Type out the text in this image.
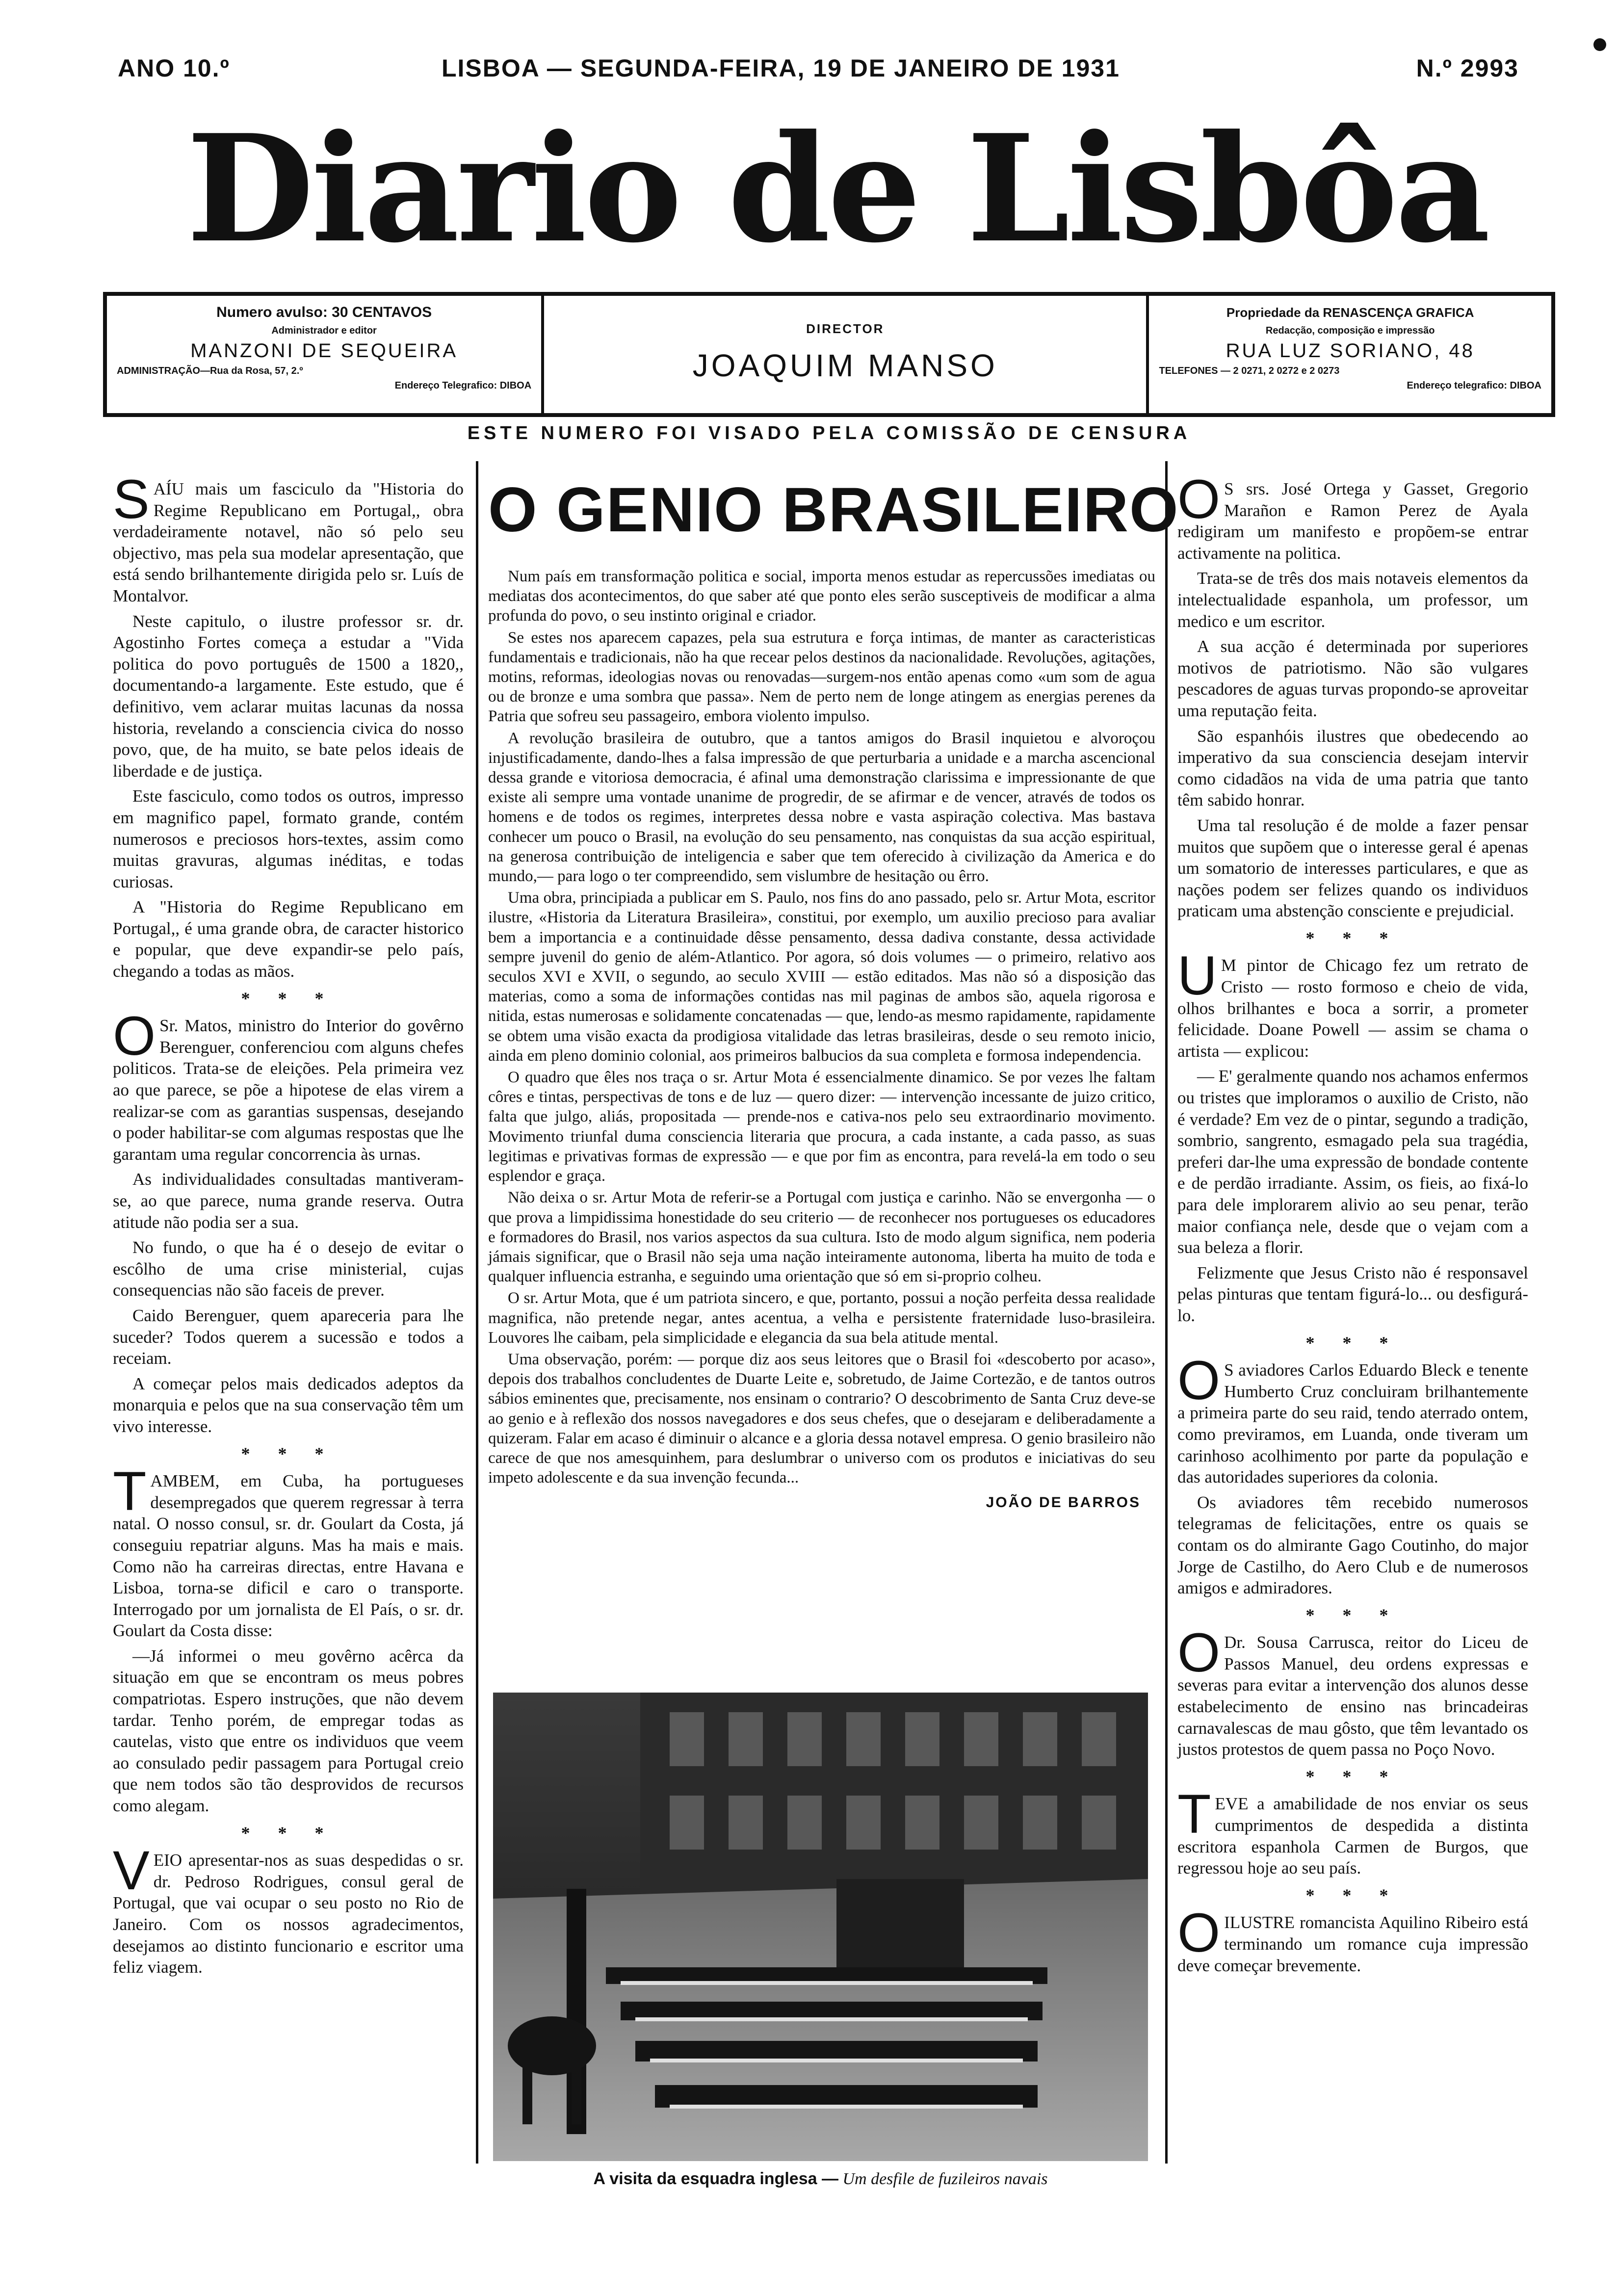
ANO 10.º	LISBOA — SEGUNDA-FEIRA, 19 DE JANEIRO DE 1931	N.º 2993
Diario de Lisbôa
Numero avulso: 30 CENTAVOS
Administrador e editor
MANZONI DE SEQUEIRA
ADMINISTRAÇÃO—Rua da Rosa, 57, 2.º
Endereço Telegrafico: DIBOA
DIRECTOR
JOAQUIM MANSO
Propriedade da RENASCENÇA GRAFICA
Redacção, composição e impressão
RUA LUZ SORIANO, 48
TELEFONES — 2 0271, 2 0272 e 2 0273
Endereço telegrafico: DIBOA
ESTE NUMERO FOI VISADO PELA COMISSÃO DE CENSURA

SAÍU mais um fasciculo da "Historia do Regime Republicano em Portugal,, obra verdadeiramente notavel, não só pelo seu objectivo, mas pela sua modelar apresentação, que está sendo brilhantemente dirigida pelo sr. Luís de Montalvor.

Neste capitulo, o ilustre professor sr. dr. Agostinho Fortes começa a estudar a "Vida politica do povo português de 1500 a 1820,, documentando-a largamente. Este estudo, que é definitivo, vem aclarar muitas lacunas da nossa historia, revelando a consciencia civica do nosso povo, que, de ha muito, se bate pelos ideais de liberdade e de justiça.

Este fasciculo, como todos os outros, impresso em magnifico papel, formato grande, contém numerosos e preciosos hors-textes, assim como muitas gravuras, algumas inéditas, e todas curiosas.

A "Historia do Regime Republicano em Portugal,, é uma grande obra, de caracter historico e popular, que deve expandir-se pelo país, chegando a todas as mãos.

* * *

OSr. Matos, ministro do Interior do govêrno Berenguer, conferenciou com alguns chefes politicos. Trata-se de eleições. Pela primeira vez ao que parece, se põe a hipotese de elas virem a realizar-se com as garantias suspensas, desejando o poder habilitar-se com algumas respostas que lhe garantam uma regular concorrencia às urnas.

As individualidades consultadas mantiveram-se, ao que parece, numa grande reserva. Outra atitude não podia ser a sua.

No fundo, o que ha é o desejo de evitar o escôlho de uma crise ministerial, cujas consequencias não são faceis de prever.

Caido Berenguer, quem apareceria para lhe suceder? Todos querem a sucessão e todos a receiam.

A começar pelos mais dedicados adeptos da monarquia e pelos que na sua conservação têm um vivo interesse.

* * *

TAMBEM, em Cuba, ha portugueses desempregados que querem regressar à terra natal. O nosso consul, sr. dr. Goulart da Costa, já conseguiu repatriar alguns. Mas ha mais e mais. Como não ha carreiras directas, entre Havana e Lisboa, torna-se dificil e caro o transporte. Interrogado por um jornalista de El País, o sr. dr. Goulart da Costa disse:

—Já informei o meu govêrno acêrca da situação em que se encontram os meus pobres compatriotas. Espero instruções, que não devem tardar. Tenho porém, de empregar todas as cautelas, visto que entre os individuos que veem ao consulado pedir passagem para Portugal creio que nem todos são tão desprovidos de recursos como alegam.

* * *

VEIO apresentar-nos as suas despedidas o sr. dr. Pedroso Rodrigues, consul geral de Portugal, que vai ocupar o seu posto no Rio de Janeiro. Com os nossos agradecimentos, desejamos ao distinto funcionario e escritor uma feliz viagem.

O GENIO BRASILEIRO

Num país em transformação politica e social, importa menos estudar as repercussões imediatas ou mediatas dos acontecimentos, do que saber até que ponto eles serão susceptiveis de modificar a alma profunda do povo, o seu instinto original e criador.

Se estes nos aparecem capazes, pela sua estrutura e força intimas, de manter as caracteristicas fundamentais e tradicionais, não ha que recear pelos destinos da nacionalidade. Revoluções, agitações, motins, reformas, ideologias novas ou renovadas—surgem-nos então apenas como «um som de agua ou de bronze e uma sombra que passa». Nem de perto nem de longe atingem as energias perenes da Patria que sofreu seu passageiro, embora violento impulso.

A revolução brasileira de outubro, que a tantos amigos do Brasil inquietou e alvoroçou injustificadamente, dando-lhes a falsa impressão de que perturbaria a unidade e a marcha ascencional dessa grande e vitoriosa democracia, é afinal uma demonstração clarissima e impressionante de que existe ali sempre uma vontade unanime de progredir, de se afirmar e de vencer, através de todos os homens e de todos os regimes, interpretes dessa nobre e vasta aspiração colectiva. Mas bastava conhecer um pouco o Brasil, na evolução do seu pensamento, nas conquistas da sua acção espiritual, na generosa contribuição de inteligencia e saber que tem oferecido à civilização da America e do mundo,— para logo o ter compreendido, sem vislumbre de hesitação ou êrro.

Uma obra, principiada a publicar em S. Paulo, nos fins do ano passado, pelo sr. Artur Mota, escritor ilustre, «Historia da Literatura Brasileira», constitui, por exemplo, um auxilio precioso para avaliar bem a importancia e a continuidade dêsse pensamento, dessa dadiva constante, dessa actividade sempre juvenil do genio de além-Atlantico. Por agora, só dois volumes — o primeiro, relativo aos seculos XVI e XVII, o segundo, ao seculo XVIII — estão editados. Mas não só a disposição das materias, como a soma de informações contidas nas mil paginas de ambos são, aquela rigorosa e nitida, estas numerosas e solidamente concatenadas — que, lendo-as mesmo rapidamente, rapidamente se obtem uma visão exacta da prodigiosa vitalidade das letras brasileiras, desde o seu remoto inicio, ainda em pleno dominio colonial, aos primeiros balbucios da sua completa e formosa independencia.

O quadro que êles nos traça o sr. Artur Mota é essencialmente dinamico. Se por vezes lhe faltam côres e tintas, perspectivas de tons e de luz — quero dizer: — intervenção incessante de juizo critico, falta que julgo, aliás, propositada — prende-nos e cativa-nos pelo seu extraordinario movimento. Movimento triunfal duma consciencia literaria que procura, a cada instante, a cada passo, as suas legitimas e privativas formas de expressão — e que por fim as encontra, para revelá-la em todo o seu esplendor e graça.

Não deixa o sr. Artur Mota de referir-se a Portugal com justiça e carinho. Não se envergonha — o que prova a limpidissima honestidade do seu criterio — de reconhecer nos portugueses os educadores e formadores do Brasil, nos varios aspectos da sua cultura. Isto de modo algum significa, nem poderia jámais significar, que o Brasil não seja uma nação inteiramente autonoma, liberta ha muito de toda e qualquer influencia estranha, e seguindo uma orientação que só em si-proprio colheu.

O sr. Artur Mota, que é um patriota sincero, e que, portanto, possui a noção perfeita dessa realidade magnifica, não pretende negar, antes acentua, a velha e persistente fraternidade luso-brasileira. Louvores lhe caibam, pela simplicidade e elegancia da sua bela atitude mental.

Uma observação, porém: — porque diz aos seus leitores que o Brasil foi «descoberto por acaso», depois dos trabalhos concludentes de Duarte Leite e, sobretudo, de Jaime Cortezão, e de tantos outros sábios eminentes que, precisamente, nos ensinam o contrario? O descobrimento de Santa Cruz deve-se ao genio e à reflexão dos nossos navegadores e dos seus chefes, que o desejaram e deliberadamente a quizeram. Falar em acaso é diminuir o alcance e a gloria dessa notavel empresa. O genio brasileiro não carece de que nos amesquinhem, para deslumbrar o universo com os produtos e iniciativas do seu impeto adolescente e da sua invenção fecunda...

JOÃO DE BARROS
A visita da esquadra inglesa — Um desfile de fuzileiros navais

OS srs. José Ortega y Gasset, Gregorio Marañon e Ramon Perez de Ayala redigiram um manifesto e propõem-se entrar activamente na politica.

Trata-se de três dos mais notaveis elementos da intelectualidade espanhola, um professor, um medico e um escritor.

A sua acção é determinada por superiores motivos de patriotismo. Não são vulgares pescadores de aguas turvas propondo-se aproveitar uma reputação feita.

São espanhóis ilustres que obedecendo ao imperativo da sua consciencia desejam intervir como cidadãos na vida de uma patria que tanto têm sabido honrar.

Uma tal resolução é de molde a fazer pensar muitos que supõem que o interesse geral é apenas um somatorio de interesses particulares, e que as nações podem ser felizes quando os individuos praticam uma abstenção consciente e prejudicial.

* * *

UM pintor de Chicago fez um retrato de Cristo — rosto formoso e cheio de vida, olhos brilhantes e boca a sorrir, a prometer felicidade. Doane Powell — assim se chama o artista — explicou:

— E' geralmente quando nos achamos enfermos ou tristes que imploramos o auxilio de Cristo, não é verdade? Em vez de o pintar, segundo a tradição, sombrio, sangrento, esmagado pela sua tragédia, preferi dar-lhe uma expressão de bondade contente e de perdão irradiante. Assim, os fieis, ao fixá-lo para dele implorarem alivio ao seu penar, terão maior confiança nele, desde que o vejam com a sua beleza a florir.

Felizmente que Jesus Cristo não é responsavel pelas pinturas que tentam figurá-lo... ou desfigurá-lo.

* * *

OS aviadores Carlos Eduardo Bleck e tenente Humberto Cruz concluiram brilhantemente a primeira parte do seu raid, tendo aterrado ontem, como previramos, em Luanda, onde tiveram um carinhoso acolhimento por parte da população e das autoridades superiores da colonia.

Os aviadores têm recebido numerosos telegramas de felicitações, entre os quais se contam os do almirante Gago Coutinho, do major Jorge de Castilho, do Aero Club e de numerosos amigos e admiradores.

* * *

ODr. Sousa Carrusca, reitor do Liceu de Passos Manuel, deu ordens expressas e severas para evitar a intervenção dos alunos desse estabelecimento de ensino nas brincadeiras carnavalescas de mau gôsto, que têm levantado os justos protestos de quem passa no Poço Novo.

* * *

TEVE a amabilidade de nos enviar os seus cumprimentos de despedida a distinta escritora espanhola Carmen de Burgos, que regressou hoje ao seu país.

* * *

OILUSTRE romancista Aquilino Ribeiro está terminando um romance cuja impressão deve começar brevemente.
